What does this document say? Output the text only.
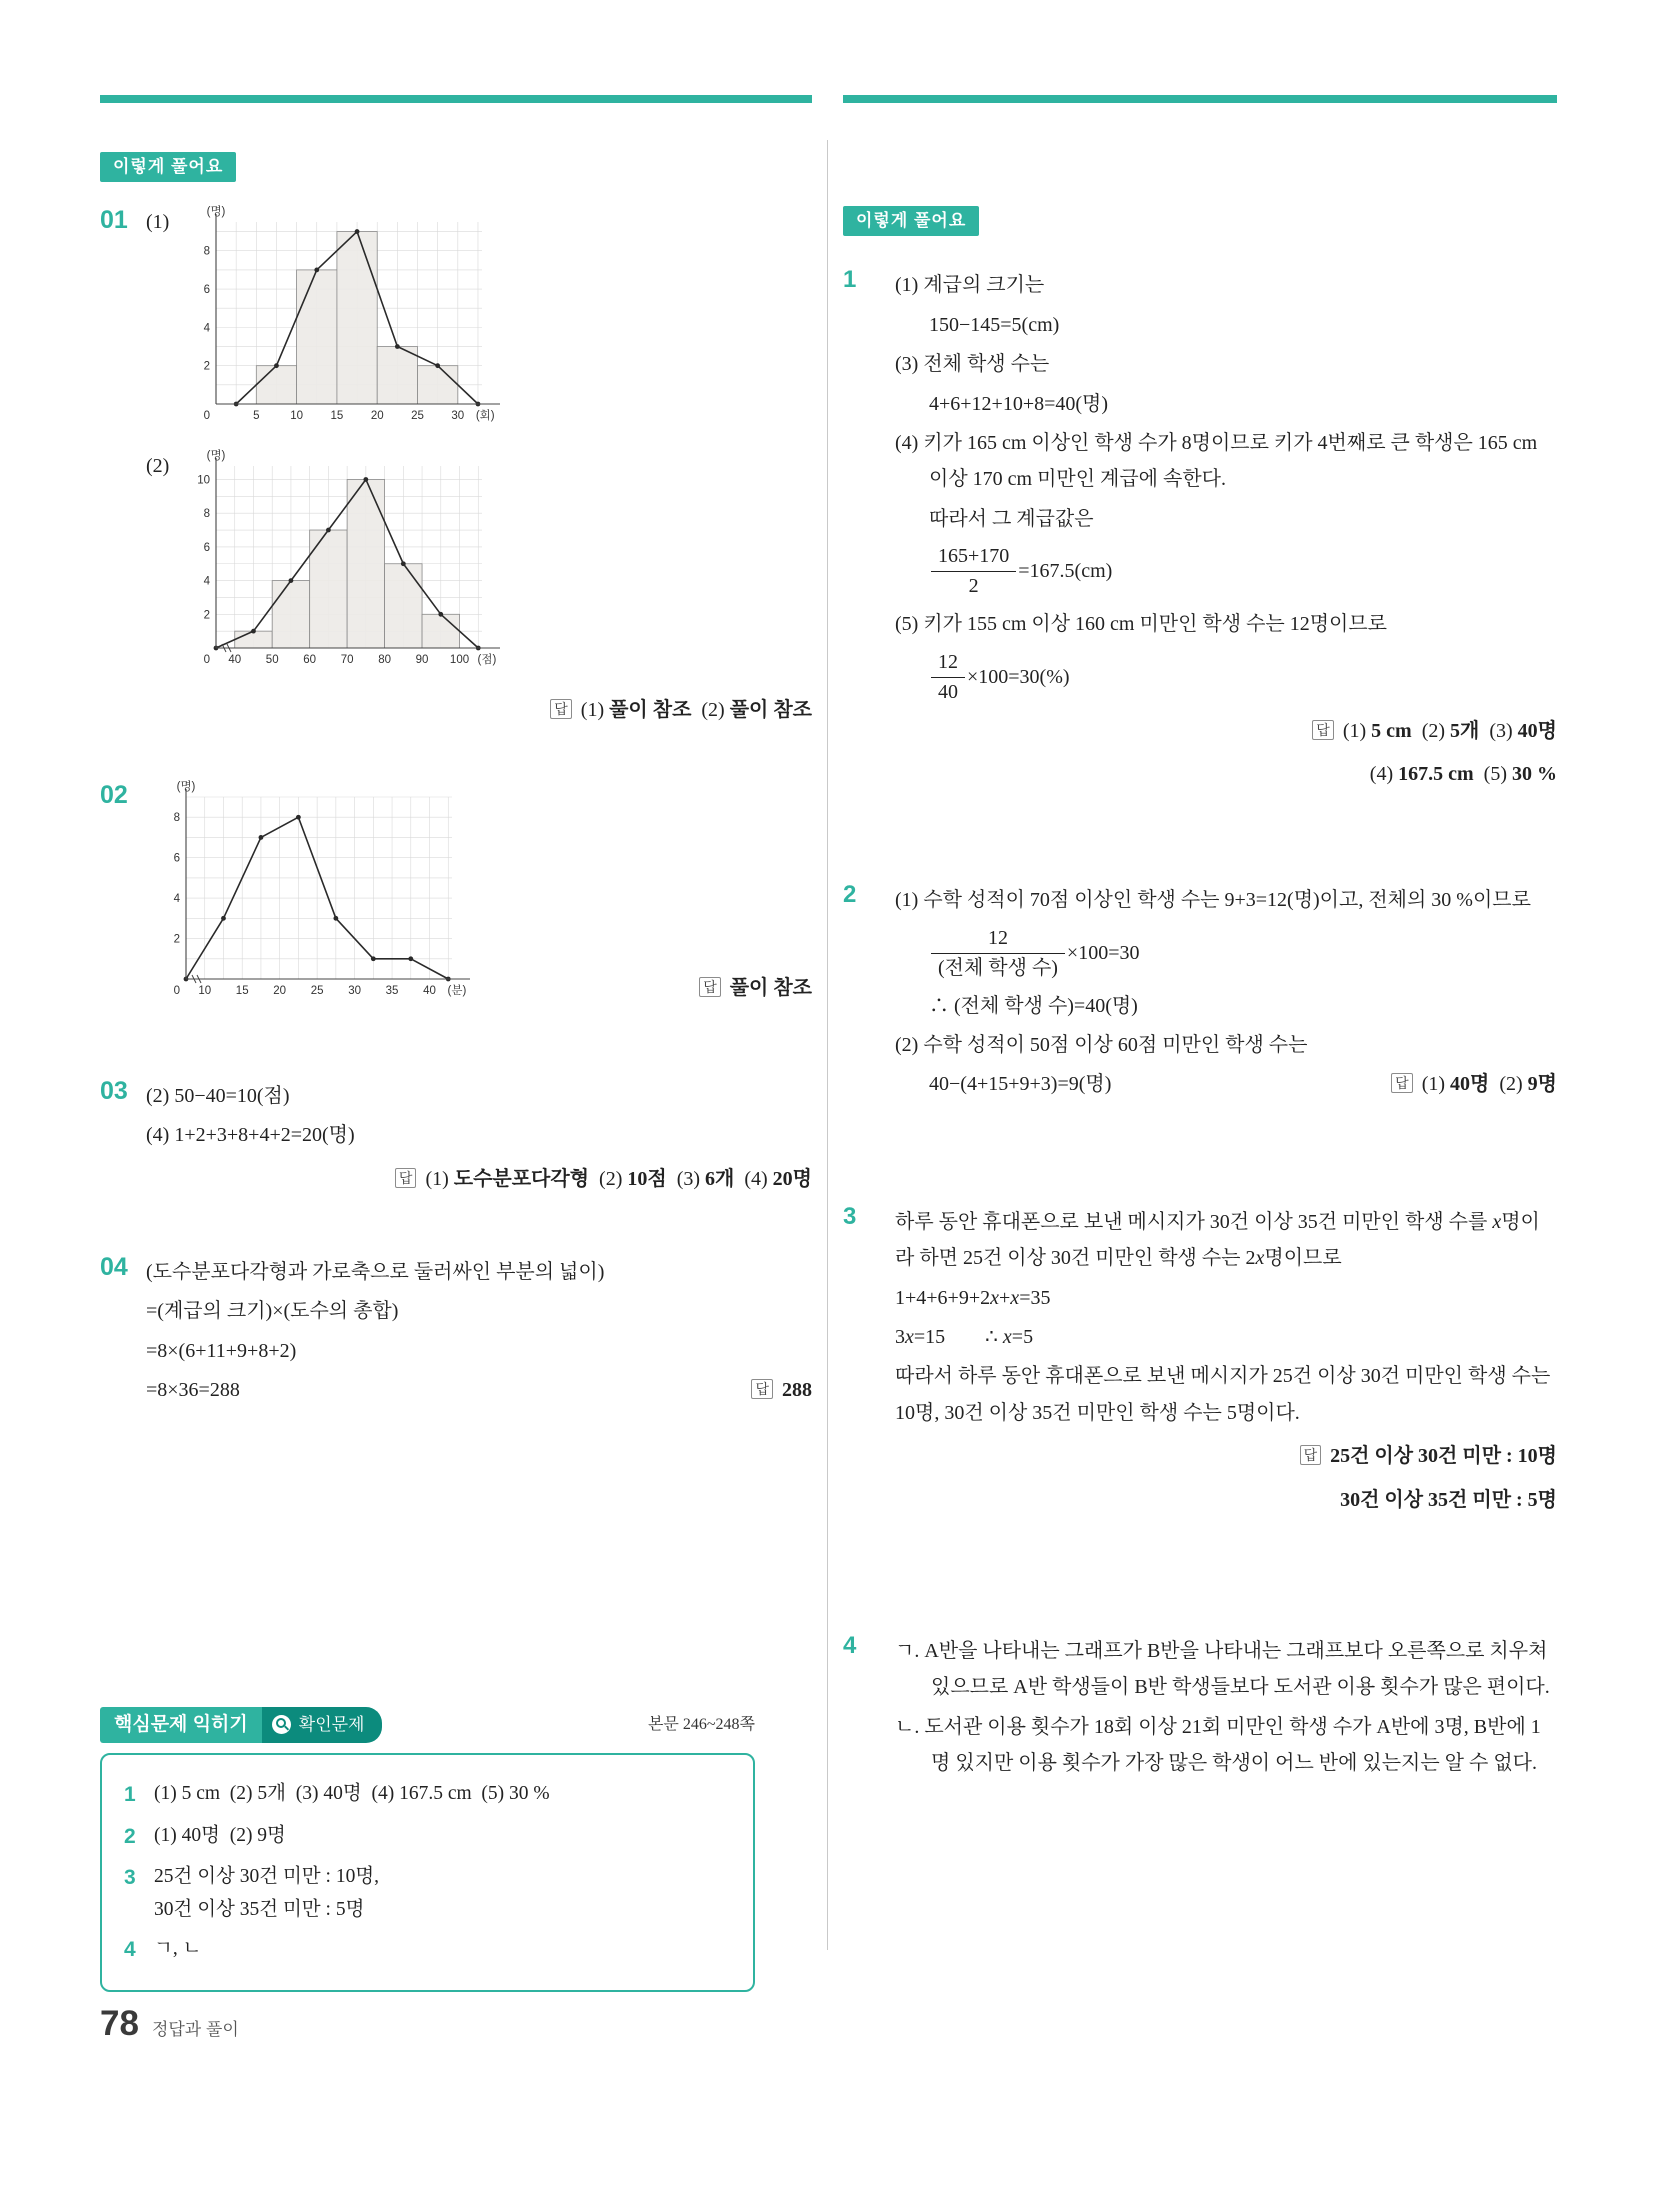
이렇게 풀어요
01 (1)
0
2
4
6
8
5	10 15 20 25 30
(명)
(회)
(2)
0
2
4
6
8
10
40 50 60 70 80 90 100
(명)
(점)
답 (1) 풀이 참조 (2) 풀이 참조
02
0
2
4
6
8
10 15 20 25 30 35 40
(명)
(분)	답 풀이 참조
03 (2) 50−40=10(점)
(4) 1+2+3+8+4+2=20(명)
답 (1) 도수분포다각형 (2) 10점 (3) 6개 (4) 20명
04 (도수분포다각형과 가로축으로 둘러싸인 부분의 넓이)
=(계급의 크기)×(도수의 총합)
=8×(6+11+9+8+2)
=8×36=288	답 288
핵심문제 익히기	확인문제	본문 246~248쪽
1 (1) 5 cm (2) 5개 (3) 40명 (4) 167.5 cm (5) 30 %
2 (1) 40명 (2) 9명
3 25건 이상 30건 미만 : 10명,
30건 이상 35건 미만 : 5명
4 ㄱ, ㄴ
이렇게 풀어요
1	(1) 계급의 크기는
150−145=5(cm)
(3) 전체 학생 수는
4+6+12+10+8=40(명)
(4) 키가 165 cm 이상인 학생 수가 8명이므로 키가 4번째로 큰 학생은 165 cm 이상 170 cm 미만인 계급에 속한다.
따라서 그 계급값은
$\frac{165+170}{2} =167.5(cm)$
(5) 키가 155 cm 이상 160 cm 미만인 학생 수는 12명이므로
$\frac{12}{40} \times 100=30(\%)$
답 (1) 5 cm (2) 5개 (3) 40명
(4) 167.5 cm (5) 30 %
2	(1) 수학 성적이 70점 이상인 학생 수는 9+3=12(명)이고, 전체의 30 %이므로
$\frac{12}{\text{(전체 학생 수)}} \times 100=30$
∴ (전체 학생 수)=40(명)
(2) 수학 성적이 50점 이상 60점 미만인 학생 수는
40−(4+15+9+3)=9(명)	답 (1) 40명 (2) 9명
3	하루 동안 휴대폰으로 보낸 메시지가 30건 이상 35건 미만인 학생 수를 x명이라 하면 25건 이상 30건 미만인 학생 수는 2x명이므로
1+4+6+9+2x+x=35
3x=15  ∴ x=5
따라서 하루 동안 휴대폰으로 보낸 메시지가 25건 이상 30건 미만인 학생 수는 10명, 30건 이상 35건 미만인 학생 수는 5명이다.
답 25건 이상 30건 미만 : 10명
30건 이상 35건 미만 : 5명
4	ㄱ. A반을 나타내는 그래프가 B반을 나타내는 그래프보다 오른쪽으로 치우쳐 있으므로 A반 학생들이 B반 학생들보다 도서관 이용 횟수가 많은 편이다.
ㄴ. 도서관 이용 횟수가 18회 이상 21회 미만인 학생 수가 A반에 3명, B반에 1명 있지만 이용 횟수가 가장 많은 학생이 어느 반에 있는지는 알 수 없다.
78 정답과 풀이
